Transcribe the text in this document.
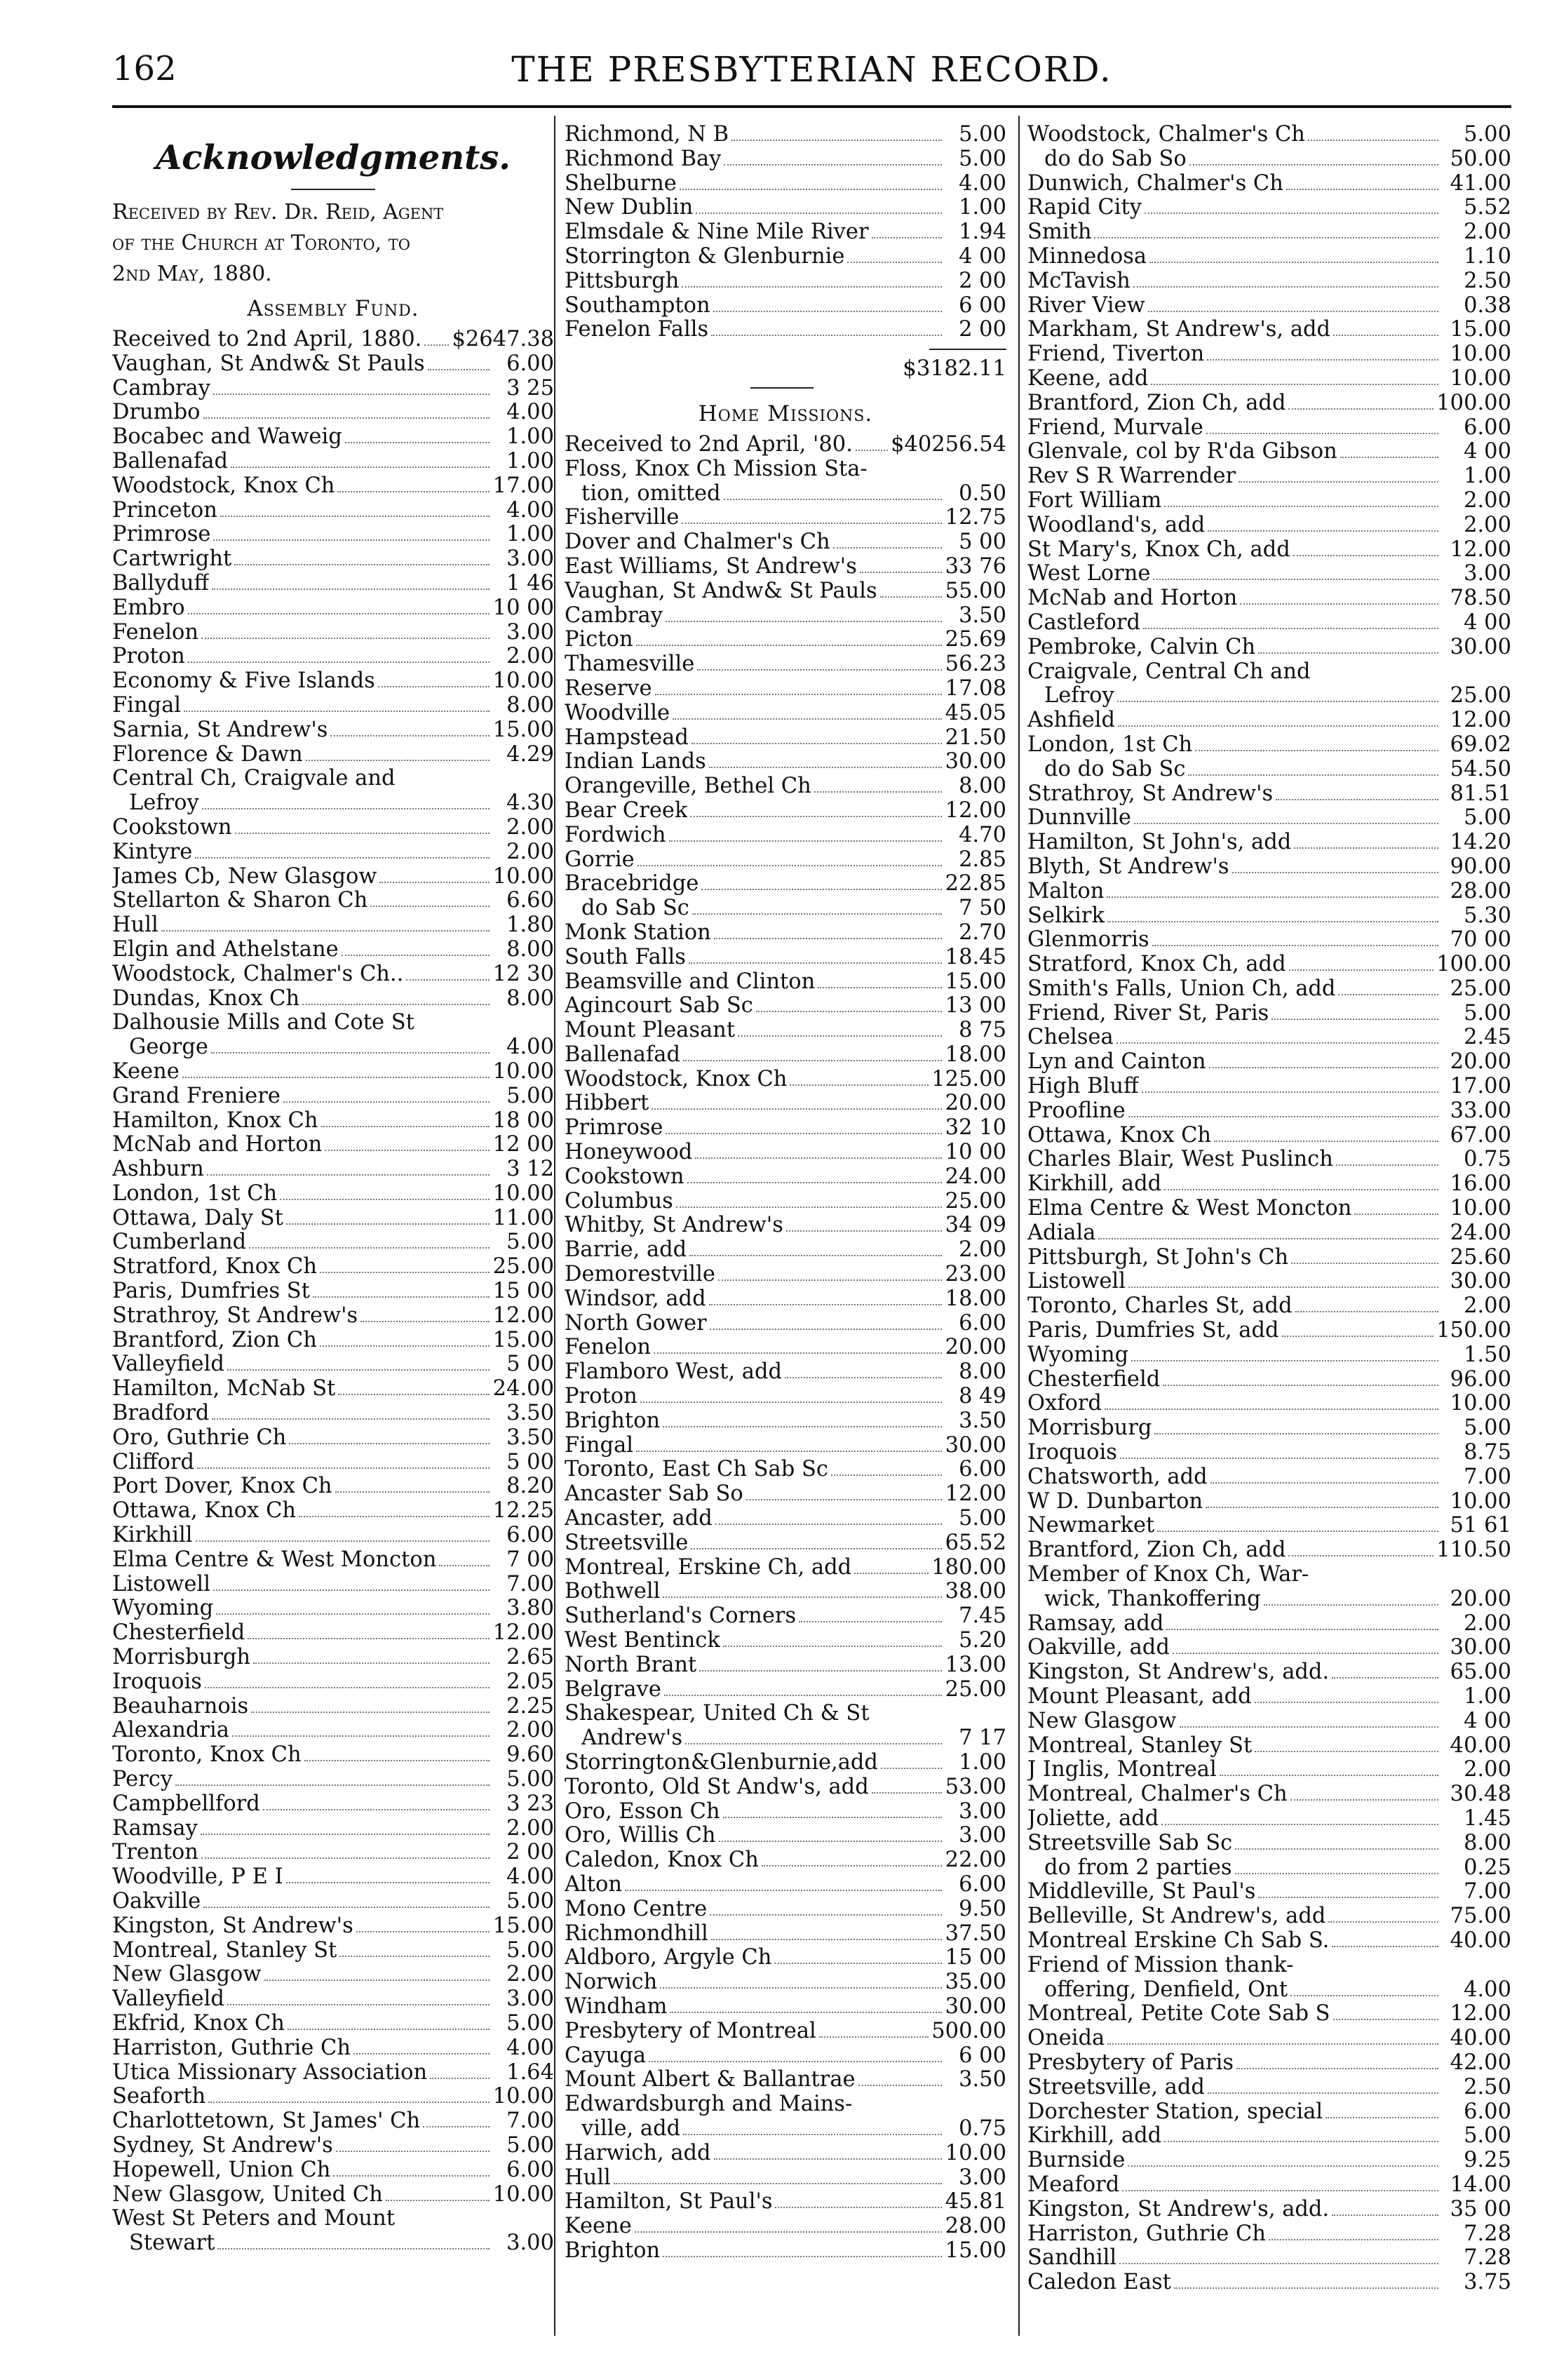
162	THE PRESBYTERIAN RECORD.
Acknowledgments.
Received by Rev. Dr. Reid, Agent
of the Church at Toronto, to
2nd May, 1880.
Assembly Fund.
Received to 2nd April, 1880. $2647.38
Vaughan, St Andw& St Pauls	6.00
Cambray	3 25
Drumbo	4.00
Bocabec and Waweig	1.00
Ballenafad	1.00
Woodstock, Knox Ch	17.00
Princeton	4.00
Primrose	1.00
Cartwright	3.00
Ballyduff	1 46
Embro	10 00
Fenelon	3.00
Proton	2.00
Economy & Five Islands	10.00
Fingal	8.00
Sarnia, St Andrew's	15.00
Florence & Dawn	4.29
Central Ch, Craigvale and
Lefroy	4.30
Cookstown	2.00
Kintyre	2.00
James Cb, New Glasgow	10.00
Stellarton & Sharon Ch	6.60
Hull	1.80
Elgin and Athelstane	8.00
Woodstock, Chalmer's Ch..	12 30
Dundas, Knox Ch	8.00
Dalhousie Mills and Cote St
George	4.00
Keene	10.00
Grand Freniere	5.00
Hamilton, Knox Ch	18 00
McNab and Horton	12 00
Ashburn	3 12
London, 1st Ch	10.00
Ottawa, Daly St	11.00
Cumberland	5.00
Stratford, Knox Ch	25.00
Paris, Dumfries St	15 00
Strathroy, St Andrew's	12.00
Brantford, Zion Ch	15.00
Valleyfield	5 00
Hamilton, McNab St	24.00
Bradford	3.50
Oro, Guthrie Ch	3.50
Clifford	5 00
Port Dover, Knox Ch	8.20
Ottawa, Knox Ch	12.25
Kirkhill	6.00
Elma Centre & West Moncton	7 00
Listowell	7.00
Wyoming	3.80
Chesterfield	12.00
Morrisburgh	2.65
Iroquois	2.05
Beauharnois	2.25
Alexandria	2.00
Toronto, Knox Ch	9.60
Percy	5.00
Campbellford	3 23
Ramsay	2.00
Trenton	2 00
Woodville, P E I	4.00
Oakville	5.00
Kingston, St Andrew's	15.00
Montreal, Stanley St	5.00
New Glasgow	2.00
Valleyfield	3.00
Ekfrid, Knox Ch	5.00
Harriston, Guthrie Ch	4.00
Utica Missionary Association	1.64
Seaforth	10.00
Charlottetown, St James' Ch	7.00
Sydney, St Andrew's	5.00
Hopewell, Union Ch	6.00
New Glasgow, United Ch	10.00
West St Peters and Mount
Stewart	3.00
Richmond, N B	5.00
Richmond Bay	5.00
Shelburne	4.00
New Dublin	1.00
Elmsdale & Nine Mile River	1.94
Storrington & Glenburnie	4 00
Pittsburgh	2 00
Southampton	6 00
Fenelon Falls	2 00
$3182.11
Home Missions.
Received to 2nd April, '80. $40256.54
Floss, Knox Ch Mission Sta-
tion, omitted	0.50
Fisherville	12.75
Dover and Chalmer's Ch	5 00
East Williams, St Andrew's	33 76
Vaughan, St Andw& St Pauls	55.00
Cambray	3.50
Picton	25.69
Thamesville	56.23
Reserve	17.08
Woodville	45.05
Hampstead	21.50
Indian Lands	30.00
Orangeville, Bethel Ch	8.00
Bear Creek	12.00
Fordwich	4.70
Gorrie	2.85
Bracebridge	22.85
do Sab Sc	7 50
Monk Station	2.70
South Falls	18.45
Beamsville and Clinton	15.00
Agincourt Sab Sc	13 00
Mount Pleasant	8 75
Ballenafad	18.00
Woodstock, Knox Ch	125.00
Hibbert	20.00
Primrose	32 10
Honeywood	10 00
Cookstown	24.00
Columbus	25.00
Whitby, St Andrew's	34 09
Barrie, add	2.00
Demorestville	23.00
Windsor, add	18.00
North Gower	6.00
Fenelon	20.00
Flamboro West, add	8.00
Proton	8 49
Brighton	3.50
Fingal	30.00
Toronto, East Ch Sab Sc	6.00
Ancaster Sab So	12.00
Ancaster, add	5.00
Streetsville	65.52
Montreal, Erskine Ch, add	180.00
Bothwell	38.00
Sutherland's Corners	7.45
West Bentinck	5.20
North Brant	13.00
Belgrave	25.00
Shakespear, United Ch & St
Andrew's	7 17
Storrington&Glenburnie,add	1.00
Toronto, Old St Andw's, add	53.00
Oro, Esson Ch	3.00
Oro, Willis Ch	3.00
Caledon, Knox Ch	22.00
Alton	6.00
Mono Centre	9.50
Richmondhill	37.50
Aldboro, Argyle Ch	15 00
Norwich	35.00
Windham	30.00
Presbytery of Montreal	500.00
Cayuga	6 00
Mount Albert & Ballantrae	3.50
Edwardsburgh and Mains-
ville, add	0.75
Harwich, add	10.00
Hull	3.00
Hamilton, St Paul's	45.81
Keene	28.00
Brighton	15.00
Woodstock, Chalmer's Ch	5.00
do do Sab So	50.00
Dunwich, Chalmer's Ch	41.00
Rapid City	5.52
Smith	2.00
Minnedosa	1.10
McTavish	2.50
River View	0.38
Markham, St Andrew's, add	15.00
Friend, Tiverton	10.00
Keene, add	10.00
Brantford, Zion Ch, add	100.00
Friend, Murvale	6.00
Glenvale, col by R'da Gibson	4 00
Rev S R Warrender	1.00
Fort William	2.00
Woodland's, add	2.00
St Mary's, Knox Ch, add	12.00
West Lorne	3.00
McNab and Horton	78.50
Castleford	4 00
Pembroke, Calvin Ch	30.00
Craigvale, Central Ch and
Lefroy	25.00
Ashfield	12.00
London, 1st Ch	69.02
do do Sab Sc	54.50
Strathroy, St Andrew's	81.51
Dunnville	5.00
Hamilton, St John's, add	14.20
Blyth, St Andrew's	90.00
Malton	28.00
Selkirk	5.30
Glenmorris	70 00
Stratford, Knox Ch, add	100.00
Smith's Falls, Union Ch, add	25.00
Friend, River St, Paris	5.00
Chelsea	2.45
Lyn and Cainton	20.00
High Bluff	17.00
Proofline	33.00
Ottawa, Knox Ch	67.00
Charles Blair, West Puslinch	0.75
Kirkhill, add	16.00
Elma Centre & West Moncton	10.00
Adiala	24.00
Pittsburgh, St John's Ch	25.60
Listowell	30.00
Toronto, Charles St, add	2.00
Paris, Dumfries St, add	150.00
Wyoming	1.50
Chesterfield	96.00
Oxford	10.00
Morrisburg	5.00
Iroquois	8.75
Chatsworth, add	7.00
W D. Dunbarton	10.00
Newmarket	51 61
Brantford, Zion Ch, add	110.50
Member of Knox Ch, War-
wick, Thankoffering	20.00
Ramsay, add	2.00
Oakville, add	30.00
Kingston, St Andrew's, add.	65.00
Mount Pleasant, add	1.00
New Glasgow	4 00
Montreal, Stanley St	40.00
J Inglis, Montreal	2.00
Montreal, Chalmer's Ch	30.48
Joliette, add	1.45
Streetsville Sab Sc	8.00
do from 2 parties	0.25
Middleville, St Paul's	7.00
Belleville, St Andrew's, add	75.00
Montreal Erskine Ch Sab S.	40.00
Friend of Mission thank-
offering, Denfield, Ont	4.00
Montreal, Petite Cote Sab S	12.00
Oneida	40.00
Presbytery of Paris	42.00
Streetsville, add	2.50
Dorchester Station, special	6.00
Kirkhill, add	5.00
Burnside	9.25
Meaford	14.00
Kingston, St Andrew's, add.	35 00
Harriston, Guthrie Ch	7.28
Sandhill	7.28
Caledon East	3.75
